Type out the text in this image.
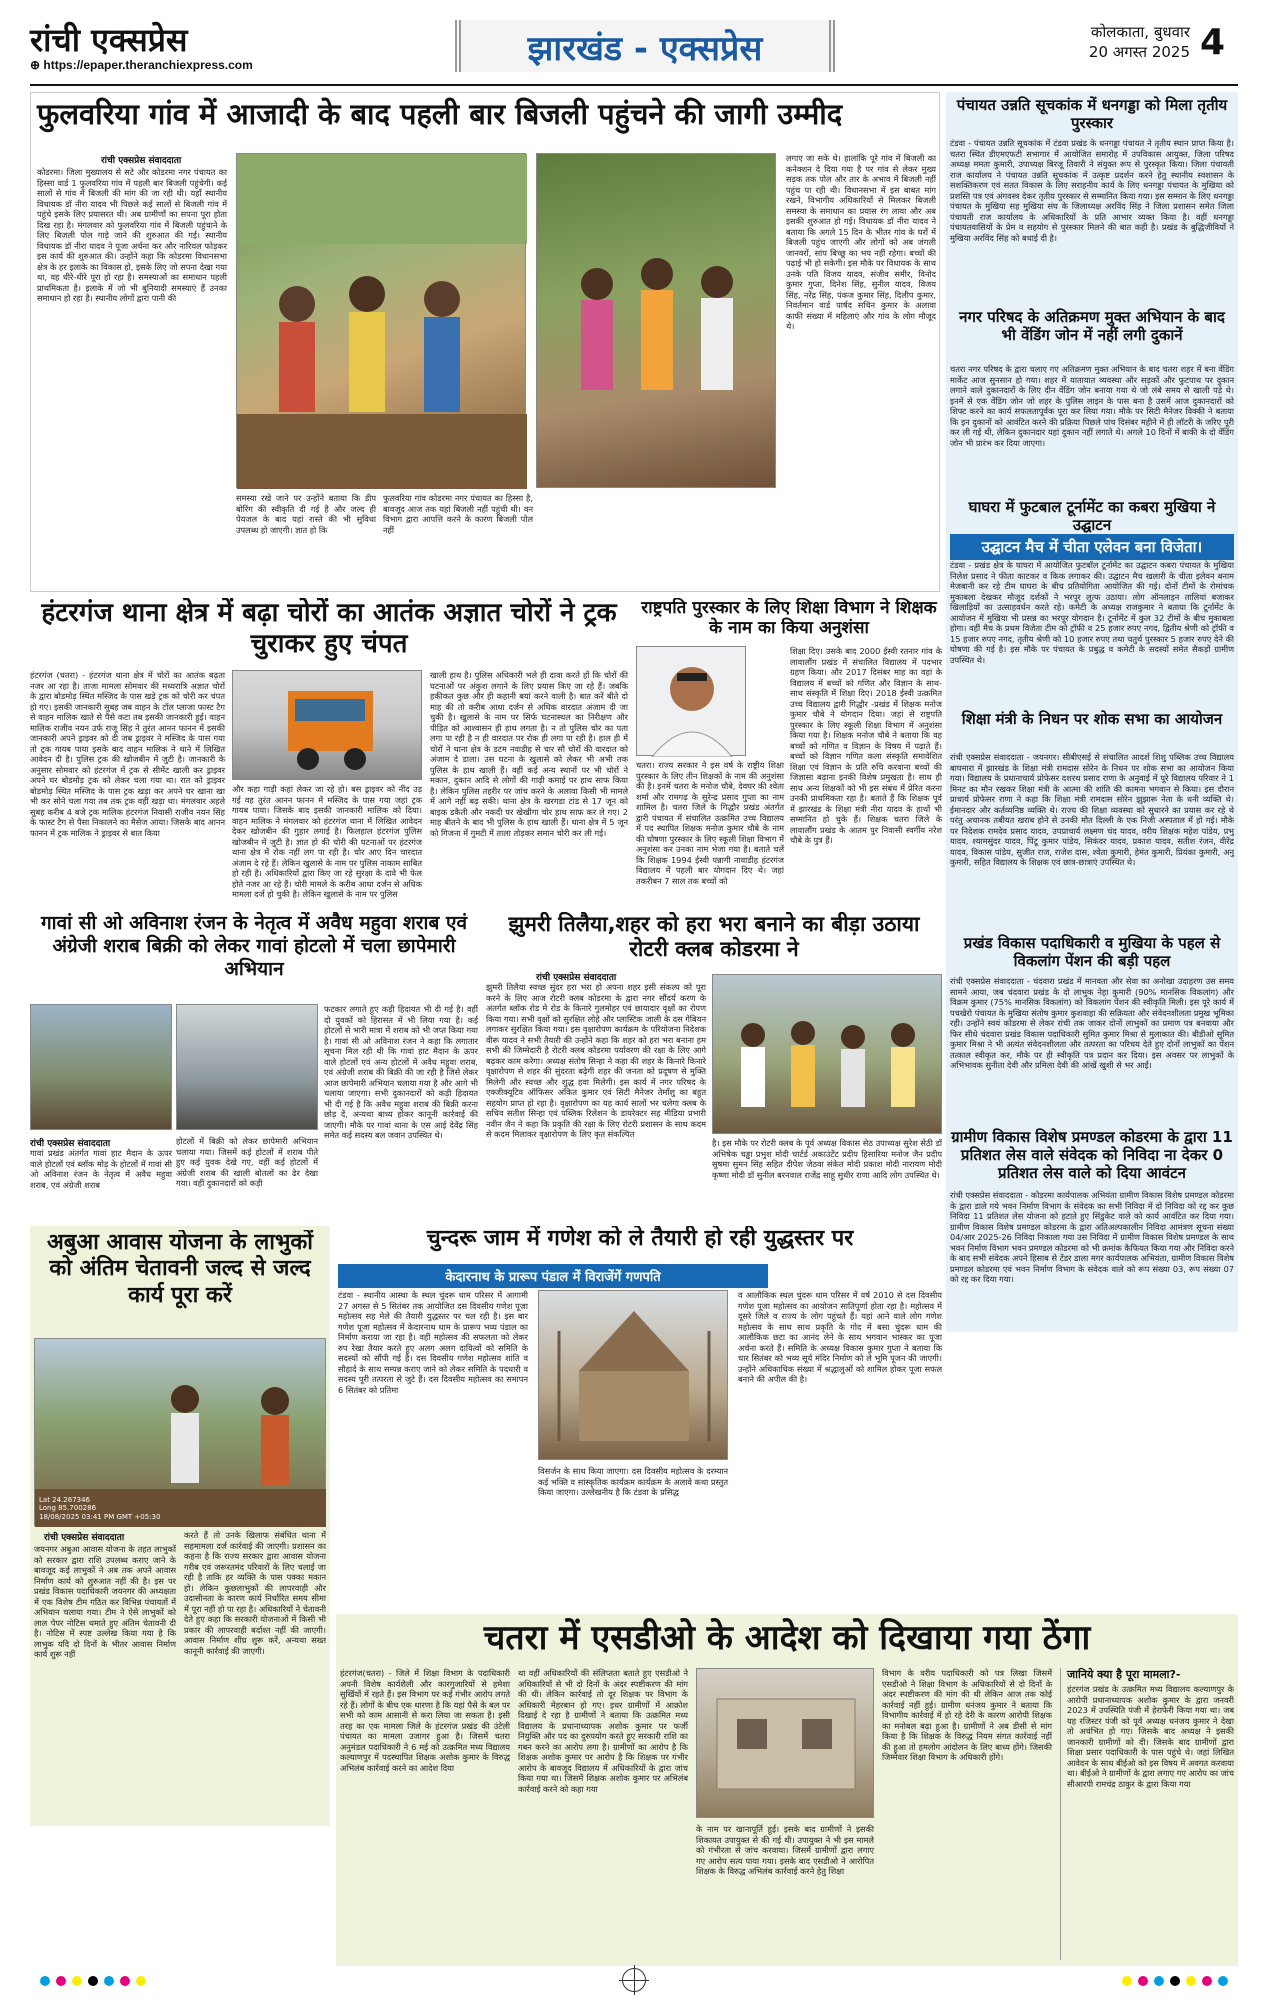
रांची एक्सप्रेस
⊕ https://epaper.theranchiexpress.com	झारखंड - एक्सप्रेस	कोलकाता, बुधवार
20 अगस्त 2025 4
फुलवरिया गांव में आजादी के बाद पहली बार बिजली पहुंचने की जागी उम्मीद
रांची एक्सप्रेस संवाददाता
कोडरमा। जिला मुख्यालय से सटे और कोडरमा नगर पंचायत का हिस्सा वार्ड 1 फुलवरिया गांव में पहली बार बिजली पहुंचेगी। कई सालों से गांव में बिजली की मांग की जा रही थी। यहाँ स्थानीय विधायक डॉ नीरा यादव भी पिछले कई सालों से बिजली गांव में पहुंचे इसके लिए प्रयासरत थी। अब ग्रामीणों का सपना पूरा होता दिख रहा है। मंगलवार को फुलवरिया गांव में बिजली पहुंचाने के लिए बिजली पोल गाड़े जाने की शुरुआत की गई। स्थानीय विधायक डॉ नीरा यादव ने पूजा अर्चना कर और नारियल फोड़कर इस कार्य की शुरुआत की। उन्होंने कहा कि कोडरमा विधानसभा क्षेत्र के हर इलाके का विकास हो, इसके लिए जो सपना देखा गया था, वह धीरे-धीरे पूरा हो रहा है। समस्याओं का समाधान पहली प्राथमिकता है। इलाके में जो भी बुनियादी समस्याएं हैं उनका समाधान हो रहा है। स्थानीय लोगों द्वारा पानी की
समस्या रखे जाने पर उन्होंने बताया कि डीप बोरिंग की स्वीकृति दी गई है और जल्द ही पेयजल के बाद यहां रास्ते की भी सुविधा उपलब्ध हो जाएगी। ज्ञात हो कि
फुलवरिया गांव कोडरमा नगर पंचायत का हिस्सा है, बावजूद आज तक यहां बिजली नहीं पहुंची थी। वन विभाग द्वारा आपत्ति करने के कारण बिजली पोल नहीं
लगाए जा सके थे। हालांकि पूरे गांव में बिजली का कनेक्शन दे दिया गया है पर गांव से लेकर मुख्य सड़क तक पोल और तार के अभाव में बिजली नहीं पहुंच पा रही थी। विधानसभा में इस बाबत मांग रखने, विभागीय अधिकारियों से मिलकर बिजली समस्या के समाधान का प्रयास रंग लाया और अब इसकी शुरुआत हो गई। विधायक डॉ नीरा यादव ने बताया कि अगले 15 दिन के भीतर गांव के घरों में बिजली पहुंच जाएगी और लोगों को अब जंगली जानवरों, सांप बिच्छू का भय नहीं रहेगा। बच्चों की पढ़ाई भी हो सकेगी। इस मौके पर विधायक के साथ उनके पति विजय यादव, संजीव समीर, विनोद कुमार गुप्ता, दिनेश सिंह, सुनील यादव, विजय सिंह, नरेंद्र सिंह, पंकज कुमार सिंह, दिलीप कुमार, निवर्तमान वार्ड पार्षद सचिन कुमार के अलावा काफी संख्या में महिलाएं और गांव के लोग मौजूद थे।
पंचायत उन्नति सूचकांक में धनगड्डा को मिला तृतीय पुरस्कार
टंडवा - पंचायत उन्नति सूचकांक में टंडवा प्रखंड के धनगड्डा पंचायत ने तृतीय स्थान प्राप्त किया है। चतरा स्थित डीएमएफटी सभागार में आयोजित समारोह में उपविकास आयुक्त, जिला परिषद अध्यक्ष ममता कुमारी, उपाध्यक्ष बिरजू तिवारी ने संयुक्त रूप से पुरस्कृत किया। जिला पंचायती राज कार्यालय ने पंचायत उन्नति सूचकांक में उत्कृष्ट प्रदर्शन करने हेतु स्थानीय स्वशासन के सशक्तिकरण एवं सतत विकास के लिए सराहनीय कार्य के लिए धनगड्डा पंचायत के मुखिया को प्रशस्ति पत्र एवं अंगवस्त्र देकर तृतीय पुरस्कार से सम्मानित किया गया। इस सम्मान के लिए धनगड्डा पंचायत के मुखिया सह मुखिया संघ के जिलाध्यक्ष अरविंद सिंह ने जिला प्रशासन समेत जिला पंचायती राज कार्यालय के अधिकारियों के प्रति आभार व्यक्त किया है। वहीं धनगड्डा पंचायतवासियों के प्रेम व सहयोग से पुरस्कार मिलने की बात कही है। प्रखंड के बुद्धिजीवियों ने मुखिया अरविंद सिंह को बधाई दी है।
नगर परिषद के अतिक्रमण मुक्त अभियान के बाद भी वेंडिंग जोन में नहीं लगी दुकानें
चतरा नगर परिषद के द्वारा चलाए गए अतिक्रमण मुक्त अभियान के बाद चतरा शहर में बना वेंडिंग मार्केट आज सुनसान हो गया। शहर में यातायात व्यवस्था और सड़कों और फुटपाथ पर दुकान लगाने वाले दुकानदारों के लिए दीन वेंडिंग जोन बनाया गया थे जो लंबे समय से खाली पड़े थे। इनमें से एक वेंडिंग जोन जो शहर के पुलिस लाइन के पास बना है उसमें आज दुकानदारों को शिफ्ट करने का कार्य सफलतापूर्वक पूरा कर लिया गया। मौके पर सिटी मैनेजर विक्की ने बताया कि इन दुकानों को आवंटित करने की प्रक्रिया पिछले पांच दिसंबर महीने में ही लॉटरी के जरिए पूरी कर ली गई थी, लेकिन दुकानदार यहां दुकान नहीं लगाते थे। अगले 10 दिनों में बाकी के दो वेंडिंग जोन भी प्रारंभ कर दिया जाएगा।
घाघरा में फुटबाल टूर्नामेंट का कबरा मुखिया ने उद्घाटन
उद्घाटन मैच में चीता एलेवन बना विजेता।
टंडवा - प्रखंड क्षेत्र के घाघरा में आयोजित फुटबॉल टूर्नामेंट का उद्घाटन कबरा पंचायत के मुखिया निलेश प्रसाद ने फीता काटकर व किक लगाकर की। उद्घाटन मैच खलारी के चीता इलेवन बनाम मेजबानी कर रहे टीम घाघरा के बीच प्रतियोगिता आयोजित की गई। दोनों टीमों के रोमांचक मुकाबला देखकर मौजूद दर्शकों ने भरपूर लुत्फ उठाया। लोग ऑनलाइन तालियां बजाकर खिलाड़ियों का उत्साहवर्धन करते रहे। कमेटी के अध्यक्ष राजकुमार ने बताया कि टूर्नामेंट के आयोजन में मुखिया भी प्रसन्न का भरपूर योगदान है। टूर्नामेंट में कुल 32 टीमों के बीच मुकाबला होगा। वहीं मैच के प्रथम विजेता टीम को ट्रॉफी व 25 हजार रुपए नगद, द्वितीय श्रेणी को ट्रॉफी व 15 हजार रुपए नगद, तृतीय श्रेणी को 10 हजार रुपए तथा चतुर्थ पुरस्कार 5 हजार रुपए देने की घोषणा की गई है। इस मौके पर पंचायत के प्रबुद्ध व कमेटी के सदस्यों समेत सैकड़ों ग्रामीण उपस्थित थे।
शिक्षा मंत्री के निधन पर शोक सभा का आयोजन
रांची एक्सप्रेस संवाददाता - जयनगर। सीबीएसई से संचालित आदर्श शिशु पब्लिक उच्च विद्यालय बाघमारा में झारखंड के शिक्षा मंत्री रामदास सोरेन के निधन पर शोक सभा का आयोजन किया गया। विद्यालय के प्रधानाचार्य प्रोफेसर दशरथ प्रसाद राणा के अनुवाई में पूरे विद्यालय परिवार ने 1 मिनट का मौन रखकर शिक्षा मंत्री के आत्मा की शांति की कामना भगवान से किया। इस दौरान प्राचार्य प्रोफेसर राणा ने कहा कि शिक्षा मंत्री रामदास सोरेन झुझारू नेता के धनी व्यक्ति थे। ईमानदार और कर्तव्यनिष्ठ व्यक्ति थे। राज्य की शिक्षा व्यवस्था को सुधारने का प्रयास कर रहे थे परंतु अचानक तबीयत खराब होने से उनकी मौत दिल्ली के एक निजी अस्पताल में हो गई। मौके पर निदेशक रामदेव प्रसाद यादव, उपप्राचार्य लक्ष्मण चंद यादव, वरीय शिक्षक महेश पांडेय, प्रभु यादव, श्यामसुंदर यादव, पिंटू कुमार पांडेय, सिकंदर यादव, प्रकाश यादव, सतीश रंजन, वीरेंद्र यादव, विकास पांडेय, सुजीत राज, राजेश दास, श्वेता कुमारी, हेमंत कुमारी, प्रियंका कुमारी, अनु कुमारी, सहित विद्यालय के शिक्षक एवं छात्र-छात्राएं उपस्थित थे।
प्रखंड विकास पदाधिकारी व मुखिया के पहल से विकलांग पेंशन की बड़ी पहल
रांची एक्सप्रेस संवाददाता - चंदवारा प्रखंड में मानवता और सेवा का अनोखा उदाहरण उस समय सामने आया, जब चंदवारा प्रखंड के दो लाभुक नेहा कुमारी (90% मानसिक विकलांग) और विक्रम कुमार (75% मानसिक विकलांग) को विकलांग पेंशन की स्वीकृति मिली। इस पूरे कार्य में पचखेरो पंचायत के मुखिया संतोष कुमार कुशवाहा की सक्रियता और संवेदनशीलता प्रमुख भूमिका रही। उन्होंने स्वयं कोडरमा से लेकर रांची तक जाकर दोनों लाभुकों का प्रमाण पत्र बनवाया और फिर सीधे चंदवारा प्रखंड विकास पदाधिकारी सुमित कुमार मिश्रा से मुलाकात की। बीडीओ सुमित कुमार मिश्रा ने भी अत्यंत संवेदनशीलता और तत्परता का परिचय देते हुए दोनों लाभुकों का पेंशन तत्काल स्वीकृत कर, मौके पर ही स्वीकृति पत्र प्रदान कर दिया। इस अवसर पर लाभुकों के अभिभावक सुनीता देवी और प्रमिला देवी की आंखें खुशी से भर आईं।
ग्रामीण विकास विशेष प्रमण्डल कोडरमा के द्वारा 11 प्रतिशत लेस वाले संवेदक को निविदा ना देकर 0 प्रतिशत लेस वाले को दिया आवंटन
रांची एक्सप्रेस संवाददाता - कोडरमा कार्यपालक अभियंता ग्रामीण विकास विशेष प्रमण्डल कोडरमा के द्वारा डाले गये भवन निर्माण विभाग के संवेदक का सभी निविदा में दो निविदा को रद्द कर कुछ निविदा 11 प्रतिशत लेस योजना को हटाते हुए सिंडुकेट वाले को कार्य आवंटित कर दिया गया। ग्रामीण विकास विशेष प्रमण्डल कोडरमा के द्वारा अतिअल्पकालीन निविदा आमंत्रण सूचना संख्या 04/आर 2025-26 निविदा निकाला गया उस निविदा में ग्रामीण विकास विशेष प्रमण्डल के साथ भवन निर्माण विभाग भवन प्रमण्डल कोडरमा को भी क्रमांक कैफियत किया गया और निविदा करने के बाद सभी संवेदक अपने हिसाब से टेंडर डाला मगर कार्यपालक अभियंता, ग्रामीण विकास विशेष प्रमण्डल कोडरमा एवं भवन निर्माण विभाग के संवेदक वाले को रूप संख्या 03, रूप संख्या 07 को रद्द कर दिया गया।
हंटरगंज थाना क्षेत्र में बढ़ा चोरों का आतंक अज्ञात चोरों ने ट्रक चुराकर हुए चंपत
हंटरगंज (चतरा) - हंटरगंज थाना क्षेत्र में चोरों का आतंक बढ़ता नजर आ रहा है। ताजा मामला सोमवार की मध्यरात्रि अज्ञात चोरों के द्वारा बोडमोड़ स्थित मस्जिद के पास खड़े ट्रक को चोरी कर चंपत हो गए। इसकी जानकारी सुबह जब वाहन के टॉल प्लाजा फास्ट टैग से वाहन मालिक खाते से पैसे कटा तब इसकी जानकारी हुई। वाहन मालिक राजीव नयन उर्फ राजू सिंह ने तुरंत आनन फानन में इसकी जानकारी अपने ड्राइवर को दी जब ड्राइवर ने मस्जिद के पास गया तो ट्रक गायब पाया इसके बाद वाहन मालिक ने थाने में लिखित आवेदन दी है। पुलिस ट्रक की खोजबीन में जुटी है। जानकारी के अनुसार सोमवार को हंटरगंज में ट्रक से सीमेंट खाली कर ड्राइवर अपने घर बोडमोड़ ट्रक को लेकर चला गया था। रात को ड्राइवर बोडमोड़ स्थित मस्जिद के पास ट्रक खड़ा कर अपने घर खाना खा भी कर सोने चला गया तब तक ट्रक वहीं खड़ा था। मंगलवार अहले सुबह करीब 4 बजे ट्रक मालिक हंटरगंज निवासी राजीव नयन सिंह के फास्ट टैग से पैसा निकालने का मैसेज आया। जिसके बाद आनन फानन में ट्रक मालिक ने ड्राइवर से बात किया
और कहा गाड़ी कहां लेकर जा रहे हो। बस ड्राइवर को नींद उड़ गई वह तुरंत आनन फानन में मस्जिद के पास गया जहां ट्रक गायब पाया। जिसके बाद इसकी जानकारी मालिक को दिया। वाहन मालिक ने मंगलवार को हंटरगंज थाना में लिखित आवेदन देकर खोजबीन की गुहार लगाई है। फिलहाल हंटरगंज पुलिस खोजबीन में जुटी है। ज्ञात हो की चोरी की घटनाओं पर हंटरगंज थाना क्षेत्र में रोक नहीं लग पा रही है। चोर आए दिन चारदात अंजाम दे रहे हैं। लेकिन खुलासे के नाम पर पुलिस नाकाम साबित हो रही है। अधिकारियों द्वारा किए जा रहे सुरक्षा के दावे भी फेल होते नजर आ रहे हैं। चोरी मामले के करीब आधा दर्जन से अधिक मामला दर्ज हो चुकी है। लेकिन खुलासे के नाम पर पुलिस
खाली हाथ है। पुलिस अधिकारी भले ही दावा करते हों कि चोरों की घटनाओं पर अंकुश लगाने के लिए प्रयास किए जा रहे हैं। जबकि हकीकत कुछ और ही कहानी बयां करने वाली है। बात करें बीते दो माह की तो करीब आधा दर्जन से अधिक वारदात अंजाम दी जा चुकी है। खुलासे के नाम पर सिर्फ घटनास्थल का निरीक्षण और पीड़ित को आश्वासन ही हाथ लगता है। न तो पुलिस चोर का पता लगा पा रही है न ही वारदात पर रोक ही लगा पा रही है। हाल ही में चोरों ने थाना क्षेत्र के डटम नवाडीह से चार सौ चोरों की वारदात को अंजाम दे डाला। उस घटना के खुलासे को लेकर भी अभी तक पुलिस के हाथ खाली हैं। वहीं कई अन्य स्थानों पर भी चोरों ने मकान, दुकान आदि से लोगों की गाढ़ी कमाई पर हाथ साफ किया है। लेकिन पुलिस तहरीर पर जांच करने के अलावा किसी भी मामले में आगे नहीं बढ़ सकी। थाना क्षेत्र के खरगडा टांड से 17 जून को बाइक डकैती और नकदी पर खेखीगा चोर हाथ साफ कर ले गए। 2 माह बीतने के बाद भी पुलिस के हाथ खाली हैं। थाना क्षेत्र में 5 जून को गिजना में गुमटी में ताला तोड़कर समान चोरी कर ली गई।
राष्ट्रपति पुरस्कार के लिए शिक्षा विभाग ने शिक्षक के नाम का किया अनुशंसा
चतरा। राज्य सरकार ने इस वर्ष के राष्ट्रीय शिक्षा पुरस्कार के लिए तीन शिक्षकों के नाम की अनुशंसा की है। इनमें चतरा के मनोज चौबे, देवघर की श्वेता शर्मा और रामगढ़ के सुरेन्द्र प्रसाद गुप्ता का नाम शामिल है। चतरा जिले के गिद्धौर प्रखंड अंतर्गत द्वारी पंचायत में संचालित उत्क्रमित उच्च विद्यालय में पद स्थापित शिक्षक मनोज कुमार चौबे के नाम की घोषणा पुरस्कार के लिए स्कूली शिक्षा विभाग में अनुशंसा कर उनका नाम भेजा गया है। बताते चलें कि शिक्षक 1994 ईस्वी पन्नागी नावाडीह हंटरगंज विद्यालय में पहली बार योगदान दिए थे। जहां तकरीबन 7 साल तक बच्चों को
शिक्षा दिए। उसके बाद 2000 ईस्वी रतनार गांव के लावालौंग प्रखंड में संचालित विद्यालय में पदभार ग्रहण किया। और 2017 दिसंबर माह का वहां के विद्यालय में बच्चों को गणित और विज्ञान के साथ-साथ संस्कृति में शिक्षा दिए। 2018 ईस्वी उत्क्रमित उच्च विद्यालय द्वारी गिद्धौर -प्रखंड में शिक्षक मनोज कुमार चौबे ने योगदान दिया। जहां से राष्ट्रपति पुरस्कार के लिए स्कूली शिक्षा विभाग में अनुशंसा किया गया है। शिक्षक मनोज चौबे ने बताया कि वह बच्चों को गणित व विज्ञान के विषय में पढ़ाते हैं। बच्चों को विज्ञान गणित कला संस्कृति समावेशित शिक्षा एवं विज्ञान के प्रति रुचि करवाना बच्चों की जिज्ञासा बढ़ाना इनकी विशेष प्रमुखता है। साथ ही साथ अन्य शिक्षकों को भी इस संबंध में प्रेरित करना उनकी प्राथमिकता रहा है। बताते हैं कि शिक्षक पूर्व में झारखंड के शिक्षा मंत्री नीरा यादव के हाथों भी सम्मानित हो चुके हैं। शिक्षक चतरा जिले के लावालौंग प्रखंड के आतम पुर निवासी स्वर्गीय नरेश चौबे के पुत्र हैं।
गावां सी ओ अविनाश रंजन के नेतृत्व में अवैध महुवा शराब एवं अंग्रेजी शराब बिक्री को लेकर गावां होटलो में चला छापेमारी अभियान
रांची एक्सप्रेस संवाददाता
गावां प्रखंड अंतर्गत गावां हाट मैदान के ऊपर वाले होटलों एवं ब्लॉक मोड़ के होटलों में गावां सी ओ अविनाश रंजन के नेतृत्व में अवैध महुवा शराब, एवं अंग्रेजी शराब
होटलों में बिक्री को लेकर छापेमारी अभियान चलाया गया। जिसमें कई होटलों में शराब पीते हुए कई युवक देखे गए, वहीं कई होटलों में अंग्रेजी शराब की खाली बोतलों का ढेर देखा गया। वहीं दुकानदारों को कड़ी
फटकार लगाते हुए कड़ी हिदायत भी दी गई है। वहीं दो युवकों को हिरासत में भी लिया गया है। कई होटलों से भारी मात्रा में शराब को भी जप्त किया गया है। गावां सी ओ अविनाश रंजन ने कहा कि लगातार सूचना मिल रही थी कि गावां हाट मैदान के ऊपर वाले होटलों एवं अन्य होटलों में अवैध महुवा शराब, एवं अंग्रेजी शराब की बिक्री की जा रही है जिसे लेकर आज छापेमारी अभियान चलाया गया है और आगे भी चलाया जाएगा। सभी दुकानदारों को कड़ी हिदायत भी दी गई है कि अवैध महुवा शराब की बिक्री करना छोड़ दें, अन्यथा बाध्य होकर कानूनी कार्रवाई की जाएगी। मौके पर गावां थाना के एस आई देवेंद्र सिंह समेत कई सदस्य बल जवान उपस्थित थे।
झुमरी तिलैया,शहर को हरा भरा बनाने का बीड़ा उठाया रोटरी क्लब कोडरमा ने
रांची एक्सप्रेस संवाददाता
झुमरी तिलैया स्वच्छ सुंदर हरा भरा हो अपना शहर इसी संकल्प को पूरा करने के लिए आज रोटरी क्लब कोडरमा के द्वारा नगर सौंदर्य करण के अंतर्गत ब्लॉक रोड मे रोड के किनारे गुलमोहर एवं छायादार वृक्षों का रोपण किया गया। सभी वृक्षों को सुरक्षित लोहे और प्लास्टिक जाली के दस गेबियन लगाकर सुरक्षित किया गया। इस वृक्षारोपण कार्यक्रम के परियोजना निदेशक वीरू यादव ने सभी तैयारी की उन्होंने कहा कि शहर को हरा भरा बनाना हम सभी की जिम्मेदारी है रोटरी क्लब कोडरमा पर्यावरण की रक्षा के लिए आगे बढ़कर काम करेगा। अध्यक्ष संतोष सिन्हा ने कहा की शहर के किनारे किनारे वृक्षारोपण से शहर की सुंदरता बढ़ेगी शहर की जनता को प्रदूषण से मुक्ति मिलेगी और स्वच्छ और शुद्ध हवा मिलेगी। इस कार्य में नगर परिषद के एक्जीक्यूटिव ऑफिसर अंकित कुमार एवं सिटी मैनेजर तेमाँशु का बहुत सहयोग प्राप्त हो रहा है। वृक्षारोपण का यह कार्य सालों भर चलेगा क्लब के सचिव सतीश सिन्हा एवं पब्लिक रिलेशन के डायरेक्टर सह मीडिया प्रभारी नवीन जैन ने कहा कि प्रकृति की रक्षा के लिए रोटरी प्रशासन के साथ कदम से कदम मिलाकर वृक्षारोपण के लिए कृत संकल्पित
है। इस मौके पर रोटरी क्लब के पूर्व अध्यक्ष विकास सेठ उपाध्यक्ष सुरेश सेठी डॉ अभिषेक चड्ढा प्रभुश मोदी चार्टर्ड अकाउंटेंट प्रदीप हिसारिया मनोज जैन प्रदीप सुषमा सुमन सिंह सहित दीपेश जेठवा संकेत मोदी प्रकाश मोदी नारायण मोदी कृष्णा मोदी डॉ सुनील बरनवाल राजेंद्र साहू सुधीर राणा आदि लोग उपस्थित थे।
अबुआ आवास योजना के लाभुकों को अंतिम चेतावनी जल्द से जल्द कार्य पूरा करें
Lat 24.267346
Long 85.700286
18/08/2025 03:41 PM GMT +05:30
रांची एक्सप्रेस संवाददाता
जयनगर अबुआ आवास योजना के तहत लाभुकों को सरकार द्वारा राशि उपलब्ध कराए जाने के बावजूद कई लाभुकों ने अब तक अपने आवास निर्माण कार्य को शुरुआत नहीं की है। इस पर प्रखंड विकास पदाधिकारी जयनगर की अध्यक्षता में एक विशेष टीम गठित कर विभिन्न पंचायतों में अभियान चलाया गया। टीम ने ऐसे लाभुकों को लाल पेपर नोटिस थमाते हुए अंतिम चेतावनी दी है। नोटिस में स्पष्ट उल्लेख किया गया है कि लाभुक यदि दो दिनों के भीतर आवास निर्माण कार्य शुरू नहीं
करते हैं तो उनके खिलाफ संबंधित थाना में सहमामला दर्ज कार्रवाई की जाएगी। प्रशासन का कहना है कि राज्य सरकार द्वारा आवास योजना गरीब एवं जरूरतमंद परिवारों के लिए चलाई जा रही है ताकि हर व्यक्ति के पास पक्का मकान हो। लेकिन कुछलाभुकों की लापरवाही और उदासीनता के कारण कार्य निर्धारित समय सीमा में पूरा नहीं हो पा रहा है। अधिकारियों ने चेतावनी देते हुए कहा कि सरकारी योजनाओं में किसी भी प्रकार की लापरवाही बर्दाश्त नहीं की जाएगी। आवास निर्माण शीघ्र शुरू करें, अन्यथा सख्त कानूनी कार्रवाई की जाएगी।
चुन्दरू जाम में गणेश को ले तैयारी हो रही युद्धस्तर पर
केदारनाथ के प्रारूप पंडाल में विराजेंगें गणपति
टंडवा - स्थानीय आस्था के स्थल चुंदरू धाम परिसर में आगामी 27 अगस्त से 5 सितंबर तक आयोजित दस दिवसीय गणेश पूजा महोत्सव सह मेले की तैयारी युद्धस्तर पर चल रही है। इस बार गणेश पूजा महोत्सव में केदारनाथ धाम के प्रारूप भव्य पंडाल का निर्माण कराया जा रहा है। वहीं महोत्सव की सफलता को लेकर रुप रेखा तैयार करते हुए अलग अलग दायित्वों को समिति के सदस्यों को सौंपी गई है। दस दिवसीय गणेश महोत्सव शांति व सौहार्द के साथ सम्पन्न कराए जाने को लेकर समिति के पदधारी व सदस्य पूरी तत्परता से जुटे हैं। दस दिवसीय महोत्सव का समापन 6 सितंबर को प्रतिमा
विसर्जन के साथ किया जाएगा। दस दिवसीय महोत्सव के दरम्यान कई भक्ति व सांस्कृतिक कार्यक्रम कार्यक्रम के अलावे कथा प्रस्तुत किया जाएगा। उल्लेखनीय है कि टंडवा के प्रसिद्ध
व आलौकिक स्थल चुंदरू धाम परिसर में वर्ष 2010 से दस दिवसीय गणेश पूजा महोत्सव का आयोजन सातिपूर्णा होता रहा है। महोत्सव में दूसरे जिले व राज्य के लोग पहुंचते हैं। यहां आने वाले लोग गणेश महोत्सव के साथ साथ प्रकृति के गोद में बसा चुंदरू धाम की आलौकिक छटा का आनंद लेने के साथ भगवान भास्कर का पूजा अर्चना करते हैं। समिति के अध्यक्ष विकास कुमार गुप्ता ने बताया कि चार सितंबर को भव्य सूर्य मंदिर निर्माण को ले भूमि पूजन की जाएगी। उन्होंने अधिकाधिक संख्या में श्रद्धालुओं को शामिल होकर पूजा सफल बनाने की अपील की है।
चतरा में एसडीओ के आदेश को दिखाया गया ठेंगा
हंटरगंज(चतरा) - जिले में शिक्षा विभाग के पदाधिकारी अपनी विशेष कार्यशैली और कारगुजारियों से हमेशा सुर्खियों में रहते हैं। इस विभाग पर कई गंभीर आरोप लगते रहे हैं। लोगों के बीच एक धारणा है कि यहां पैसे के बल पर सभी को काम आसानी से करा लिया जा सकता है। इसी तरह का एक मामला जिले के हंटरगंज प्रखंड की उंटेली पंचायत का मामला उजागर हुआ है। जिसमें चतरा अनुमंडल पदाधिकारी ने 6 मई को उत्क्रमित मध्य विद्यालय कल्याणपुर में पदस्थापित शिक्षक अशोक कुमार के विरुद्ध अभिलंब कार्रवाई करने का आदेश दिया
था वहीं अधिकारियों की संलिप्तता बताते हुए एसडीओ ने अधिकारियों से भी दो दिनों के अंदर स्पष्टीकरण की मांग की थी। लेकिन कार्रवाई तो दूर शिक्षक पर विभाग के अधिकारी मेहरबान हो गए। इधर ग्रामीणों में आक्रोश दिखाई दे रहा है ग्रामीणों ने बताया कि उत्क्रमित मध्य विद्यालय के प्रधानाध्यापक अशोक कुमार पर फर्जी नियुक्ति और पद का दुरुपयोग करते हुए सरकारी राशि का गबन करने का आरोप लगा है। ग्रामीणों का आरोप है कि शिक्षक अशोक कुमार पर आरोप है कि शिक्षक पर गंभीर आरोप के बावजूद विद्यालय में अधिकारियों के द्वारा जांच किया गया था। जिसमें शिक्षक अशोक कुमार पर अभिलंब कार्रवाई करने को कहा गया
के नाम पर खानापूर्ति हुई। इसके बाद ग्रामीणों ने इसकी शिकायत उपायुक्त से की गई थी। उपायुक्त ने भी इस मामले को गंभीरता से जांच करवाया। जिसमें ग्रामीणों द्वारा लगाए गए आरोप सत्य पाया गया। इसके बाद एसडीओ ने आरोपित शिक्षक के विरुद्ध अभिलंब कार्रवाई करने हेतु शिक्षा
विभाग के वरीय पदाधिकारी को पत्र लिखा जिसमें एसडीओ ने शिक्षा विभाग के अधिकारियों से दो दिनों के अंदर स्पष्टीकरण की मांग की थी लेकिन आज तक कोई कार्रवाई नहीं हुई। ग्रामीण धनंजय कुमार ने बताया कि विभागीय कार्रवाई में हो रहे देरी के कारण आरोपी शिक्षक का मनोबल बढ़ा हुआ है। ग्रामीणों ने अब डीसी से मांग किया है कि शिक्षक के विरुद्ध नियम संगत कार्रवाई नहीं की हुआ तो हमलोग आंदोलन के लिए बाध्य होंगे। जिसकी जिम्मेवार शिक्षा विभाग के अधिकारी होंगे।
जानिये क्या है पूरा मामला?-
हंटरगंज प्रखंड के उत्क्रमित मध्य विद्यालय कल्याणपुर के आरोपी प्रधानाध्यापक अशोक कुमार के द्वारा जनवरी 2023 में उपस्थिति पंजी में हेराफेरी किया गया था। जब यह रजिस्टर पंजी को पूर्व अध्यक्ष धनंजय कुमार ने देखा तो अचंभित हो गए। जिसके बाद अध्यक्ष ने इसकी जानकारी ग्रामीणों को दी। जिसके बाद ग्रामीणों द्वारा शिक्षा प्रसार पदाधिकारी के पास पहुंचे थे। जहां लिखित आवेदन के साथ बीईओ को इस विषय में अवगत करवाया था। बीईओ ने ग्रामीणों के द्वारा लगाए गए आरोप का जांच सीआरपी रामचंद्र ठाकुर के द्वारा किया गया
